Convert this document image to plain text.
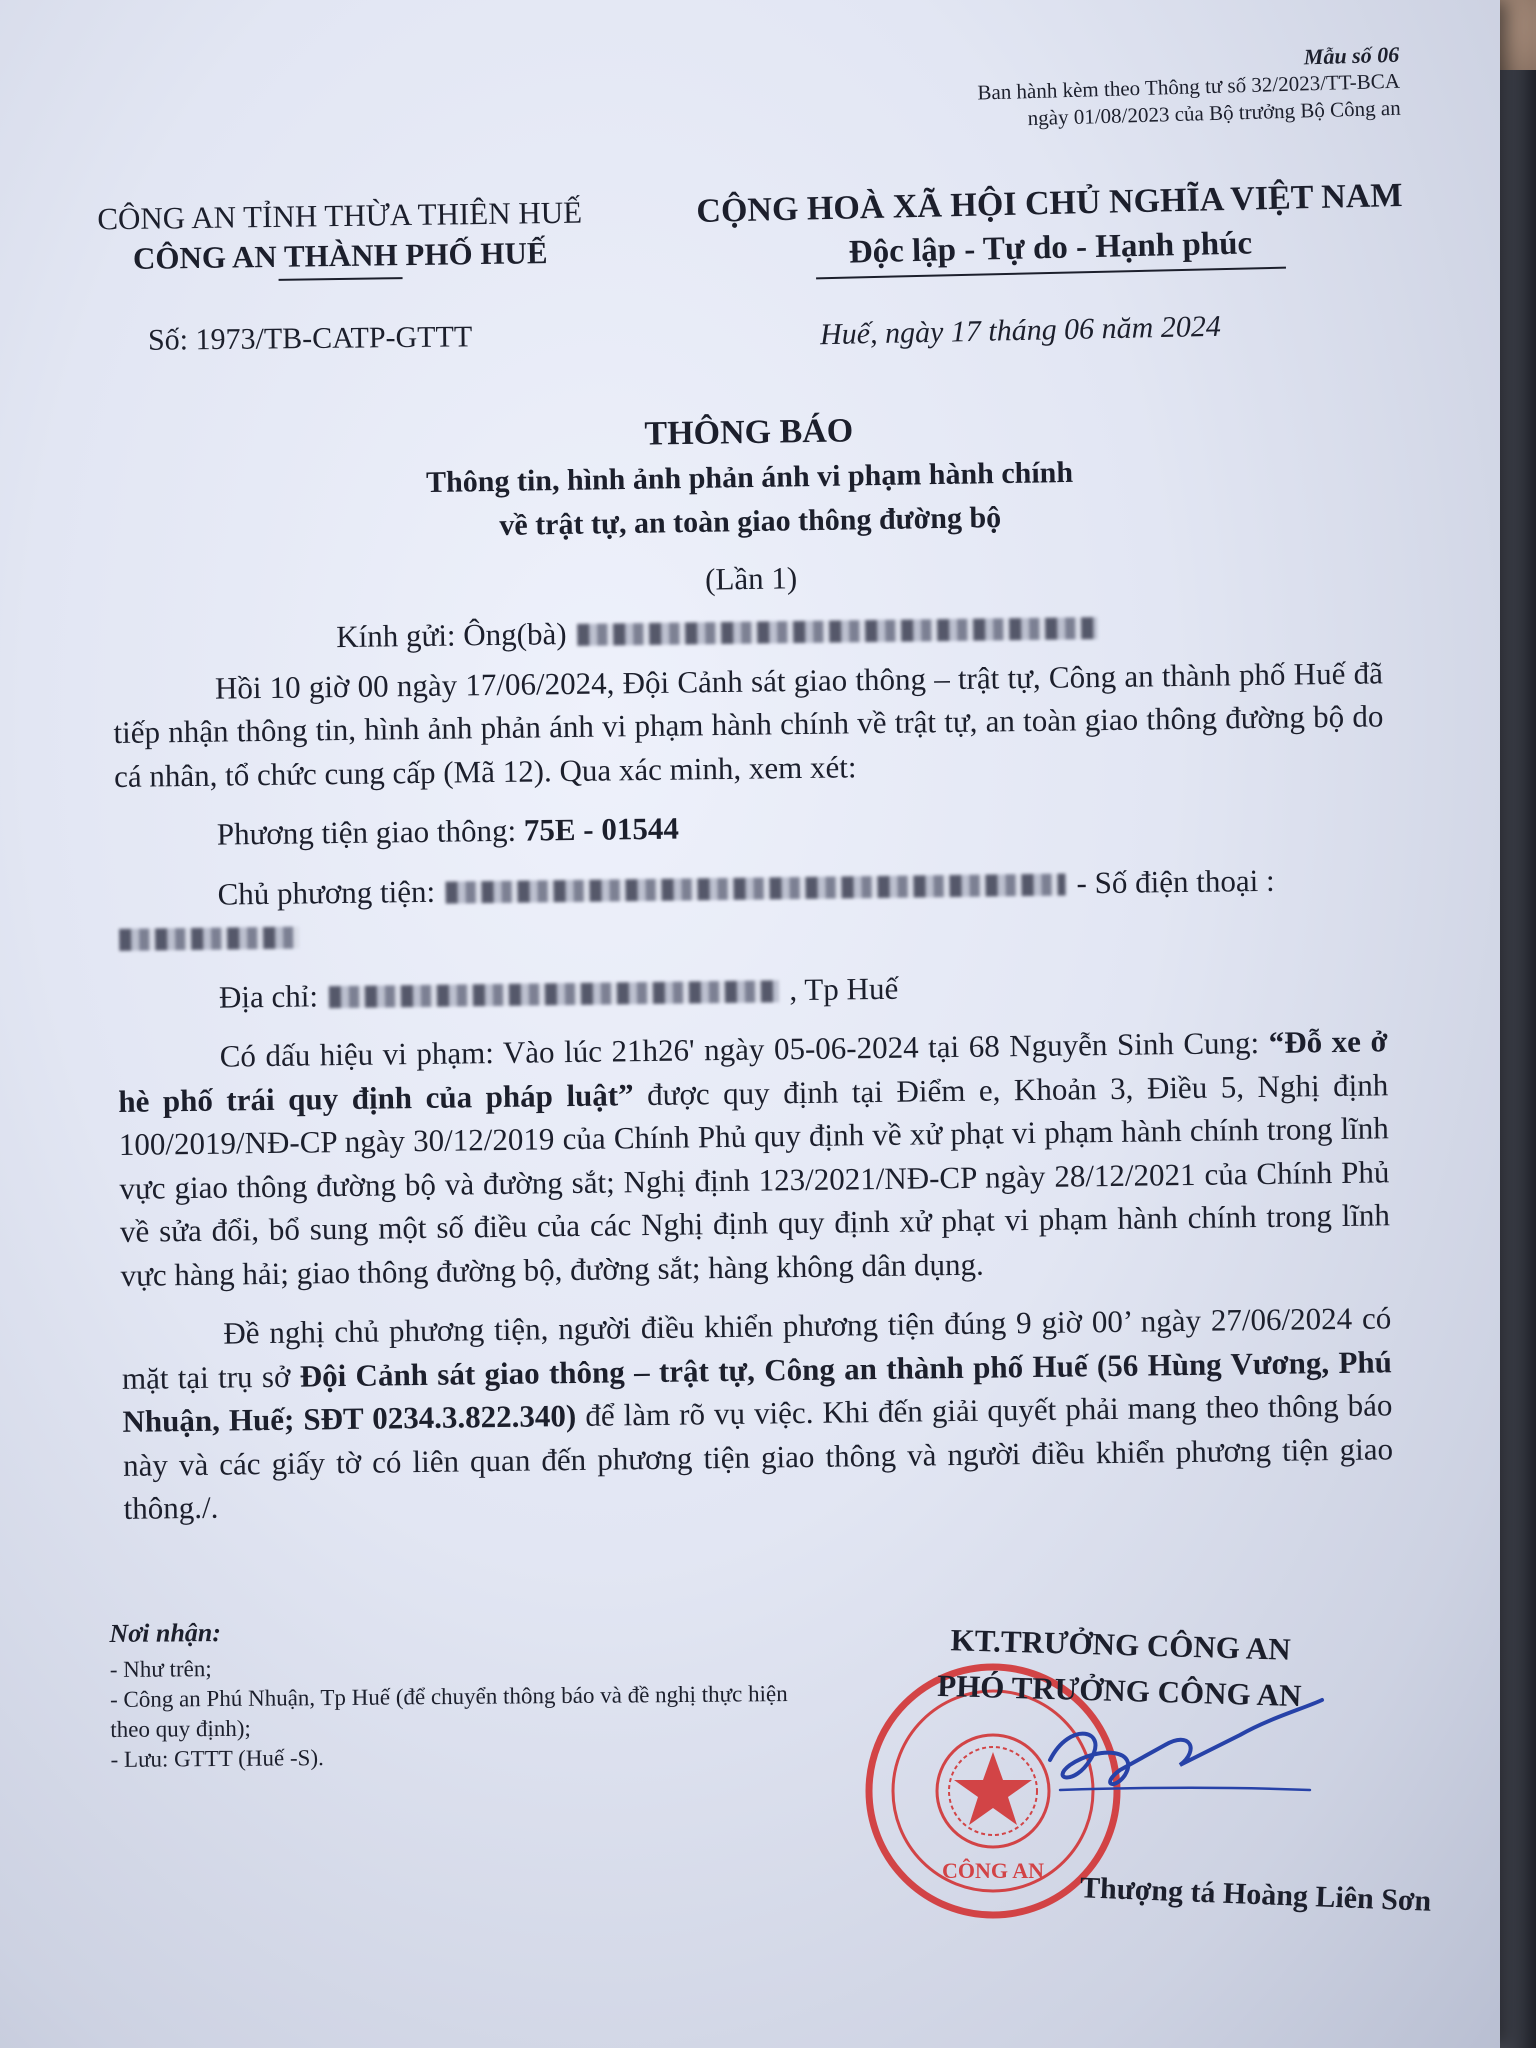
Mẫu số 06
Ban hành kèm theo Thông tư số 32/2023/TT-BCA
ngày 01/08/2023 của Bộ trưởng Bộ Công an
CÔNG AN TỈNH THỪA THIÊN HUẾ
CÔNG AN THÀNH PHỐ HUẾ
CỘNG HOÀ XÃ HỘI CHỦ NGHĨA VIỆT NAM
Độc lập - Tự do - Hạnh phúc
Số: 1973/TB-CATP-GTTT	Huế, ngày 17 tháng 06 năm 2024
THÔNG BÁO
Thông tin, hình ảnh phản ánh vi phạm hành chính
về trật tự, an toàn giao thông đường bộ
(Lần 1)

Kính gửi: Ông(bà)

Hồi 10 giờ 00 ngày 17/06/2024, Đội Cảnh sát giao thông – trật tự, Công an thành phố Huế đã tiếp nhận thông tin, hình ảnh phản ánh vi phạm hành chính về trật tự, an toàn giao thông đường bộ do cá nhân, tổ chức cung cấp (Mã 12). Qua xác minh, xem xét:

Phương tiện giao thông: 75E - 01544

Chủ phương tiện:	- Số điện thoại :

Địa chỉ:	, Tp Huế

Có dấu hiệu vi phạm: Vào lúc 21h26' ngày 05-06-2024 tại 68 Nguyễn Sinh Cung: “Đỗ xe ở hè phố trái quy định của pháp luật” được quy định tại Điểm e, Khoản 3, Điều 5, Nghị định 100/2019/NĐ-CP ngày 30/12/2019 của Chính Phủ quy định về xử phạt vi phạm hành chính trong lĩnh vực giao thông đường bộ và đường sắt; Nghị định 123/2021/NĐ-CP ngày 28/12/2021 của Chính Phủ về sửa đổi, bổ sung một số điều của các Nghị định quy định xử phạt vi phạm hành chính trong lĩnh vực hàng hải; giao thông đường bộ, đường sắt; hàng không dân dụng.

Đề nghị chủ phương tiện, người điều khiển phương tiện đúng 9 giờ 00’ ngày 27/06/2024 có mặt tại trụ sở Đội Cảnh sát giao thông – trật tự, Công an thành phố Huế (56 Hùng Vương, Phú Nhuận, Huế; SĐT 0234.3.822.340) để làm rõ vụ việc. Khi đến giải quyết phải mang theo thông báo này và các giấy tờ có liên quan đến phương tiện giao thông và người điều khiển phương tiện giao thông./.

Nơi nhận:
- Như trên;
- Công an Phú Nhuận, Tp Huế (để chuyển thông báo và đề nghị thực hiện theo quy định);
- Lưu: GTTT (Huế -S).
CÔNG AN
KT.TRƯỞNG CÔNG AN
PHÓ TRƯỞNG CÔNG AN
Thượng tá Hoàng Liên Sơn
